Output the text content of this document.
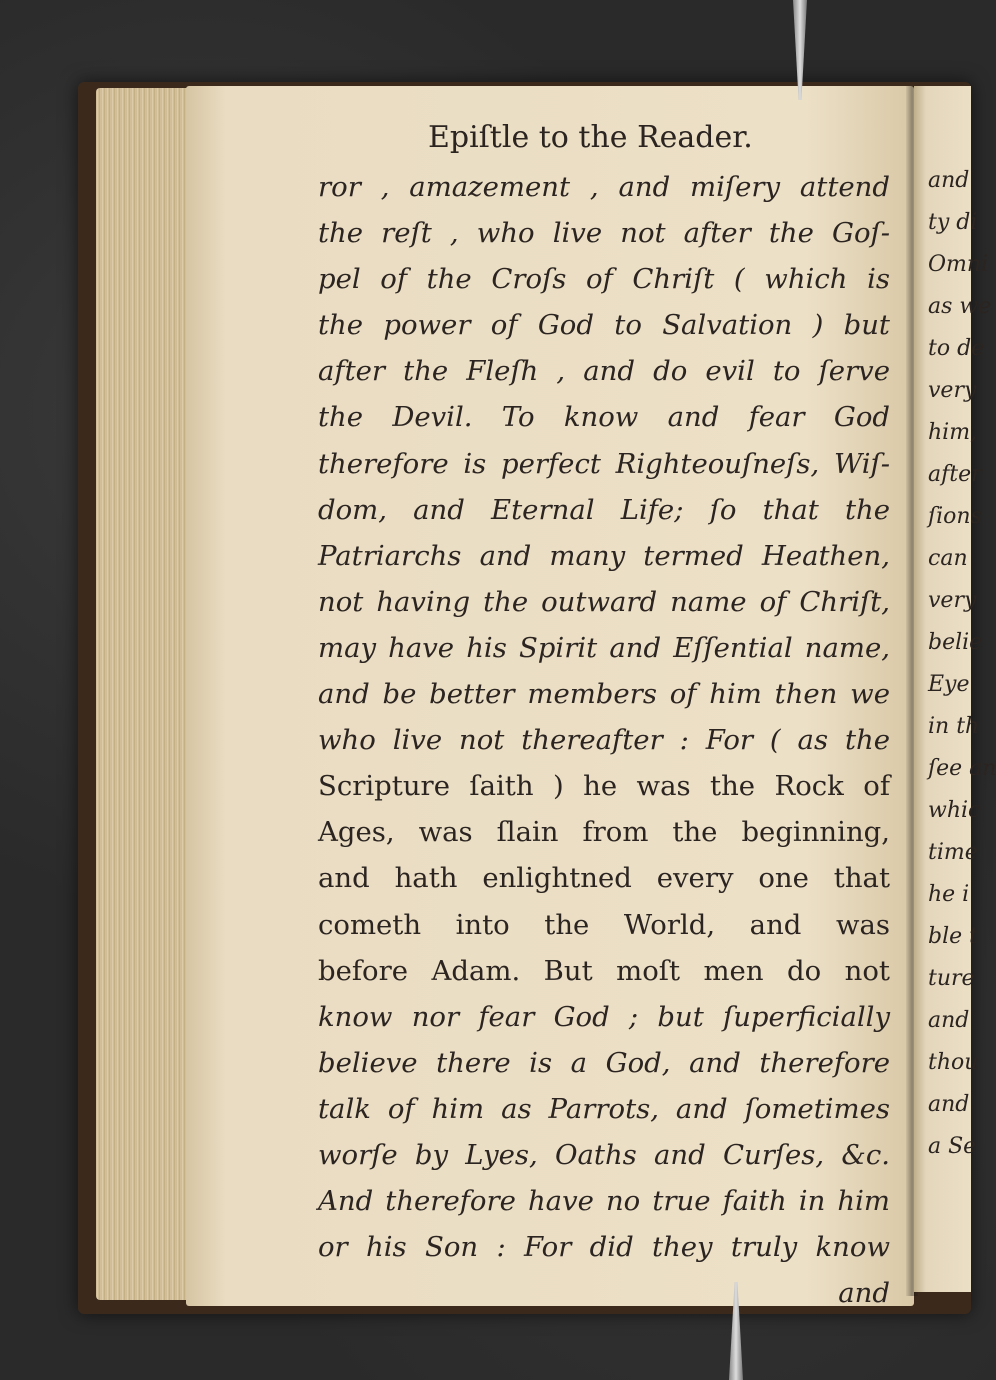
Epiſtle to the Reader.
ror , amazement , and miſery attend
the reſt , who live not after the Goſ-
pel of the Croſs of Chriſt ( which is
the power of God to Salvation ) but
after the Fleſh , and do evil to ſerve
the Devil. To know and fear God
therefore is perfect Righteouſneſs, Wiſ-
dom, and Eternal Life; ſo that the
Patriarchs and many termed Heathen,
not having the outward name of Chriſt,
may have his Spirit and Eſſential name,
and be better members of him then we
who live not thereafter : For ( as the
Scripture ſaith ) he was the Rock of
Ages, was ſlain from the beginning,
and hath enlightned every one that
cometh into the World, and was
before Adam. But moſt men do not
know nor fear God ; but ſuperficially
believe there is a God, and therefore
talk of him as Parrots, and ſometimes
worſe by Lyes, Oaths and Curſes, &c.
And therefore have no true faith in him
or his Son : For did they truly know
and
and
ty di
Omni
as we
to de
very
him,
after
ſions
can
very
belie
Eye
in th
ſee an
whic
time
he i
ble t
ture
and
thou
and
a Se
